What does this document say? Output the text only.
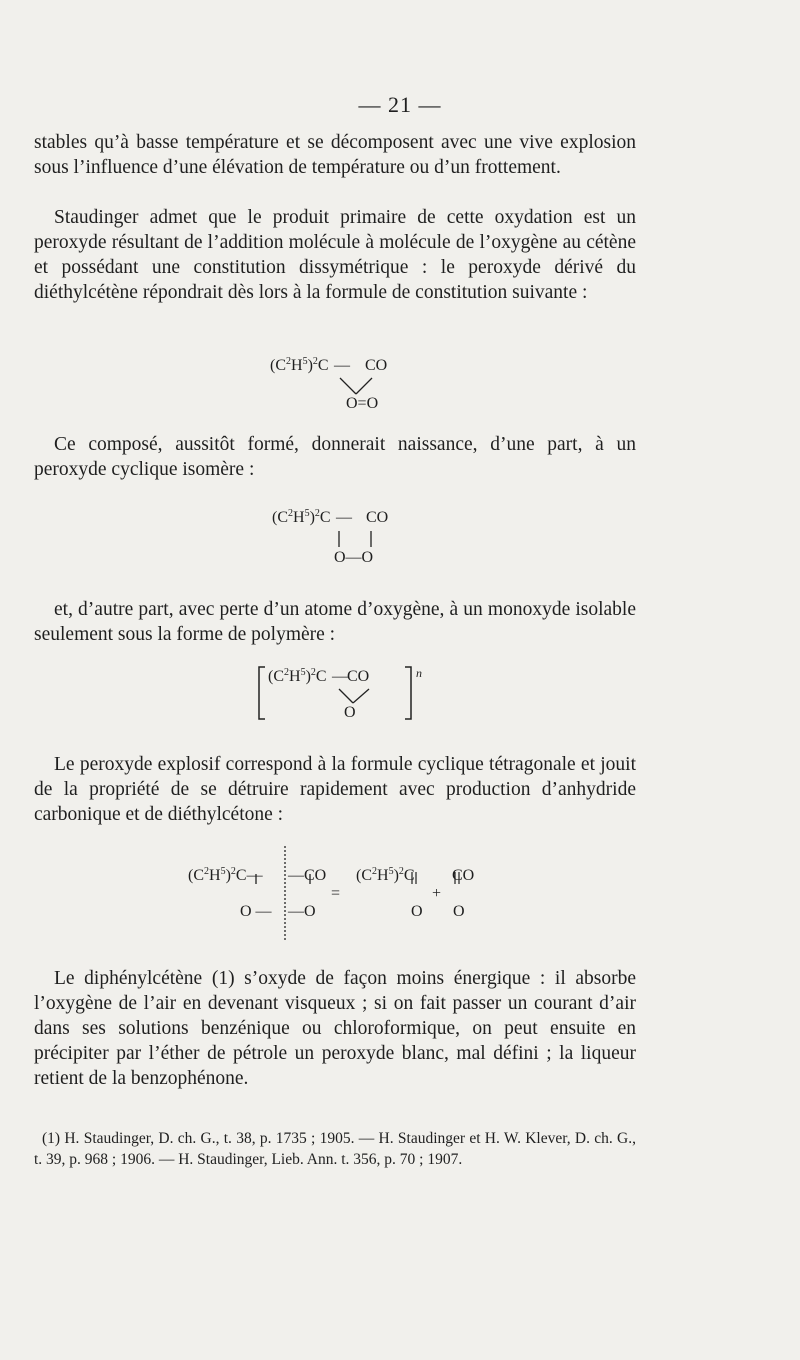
— 21 —

stables qu’à basse température et se décomposent avec une vive explosion sous l’influence d’une élévation de température ou d’un frottement.

Staudinger admet que le produit primaire de cette oxydation est un peroxyde résultant de l’addition molécule à molécule de l’oxygène au cétène et possédant une constitution dissymétrique : le peroxyde dérivé du diéthylcétène répondrait dès lors à la formule de constitution suivante :

$(C^2H^5)^2C$ — CO
O=O

Ce composé, aussitôt formé, donnerait naissance, d’une part, à un peroxyde cyclique isomère :

$(C^2H^5)^2C$ — CO
O—O

et, d’autre part, avec perte d’un atome d’oxygène, à un monoxyde isolable seulement sous la forme de polymère :

$(C^2H^5)^2C$ — CO
O
n

Le peroxyde explosif correspond à la formule cyclique tétragonale et jouit de la propriété de se détruire rapidement avec production d’anhydride carbonique et de diéthylcétone :

$(C^2H^5)^2C—$ —CO
O — —O
=
$(C^2H^5)^2C$ CO
+
O O

Le diphénylcétène (1) s’oxyde de façon moins énergique : il absorbe l’oxygène de l’air en devenant visqueux ; si on fait passer un courant d’air dans ses solutions benzénique ou chloroformique, on peut ensuite en précipiter par l’éther de pétrole un peroxyde blanc, mal défini ; la liqueur retient de la benzophénone.

(1) H. Staudinger, D. ch. G., t. 38, p. 1735 ; 1905. — H. Staudinger et H. W. Klever, D. ch. G., t. 39, p. 968 ; 1906. — H. Staudinger, Lieb. Ann. t. 356, p. 70 ; 1907.
